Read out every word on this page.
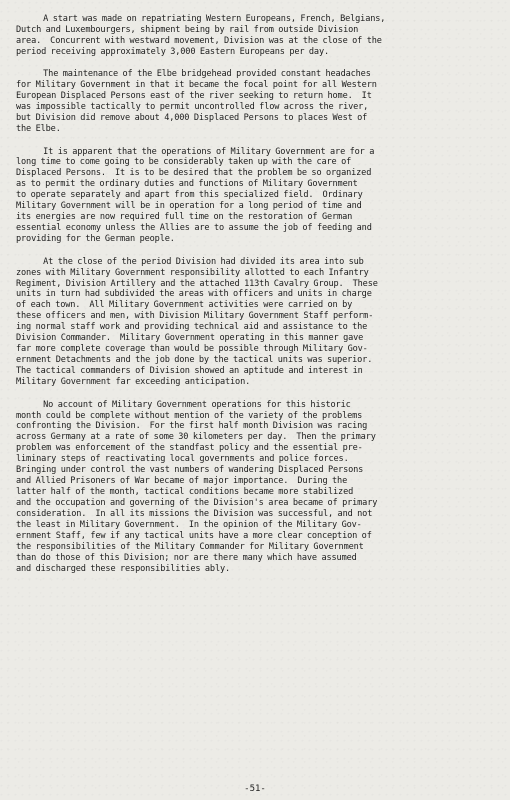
A start was made on repatriating Western Europeans, French, Belgians,
Dutch and Luxembourgers, shipment being by rail from outside Division
area.  Concurrent with westward movement, Division was at the close of the
period receiving approximately 3,000 Eastern Europeans per day.

The maintenance of the Elbe bridgehead provided constant headaches
for Military Government in that it became the focal point for all Western
European Displaced Persons east of the river seeking to return home.  It
was impossible tactically to permit uncontrolled flow across the river,
but Division did remove about 4,000 Displaced Persons to places West of
the Elbe.

It is apparent that the operations of Military Government are for a
long time to come going to be considerably taken up with the care of
Displaced Persons.  It is to be desired that the problem be so organized
as to permit the ordinary duties and functions of Military Government
to operate separately and apart from this specialized field.  Ordinary
Military Government will be in operation for a long period of time and
its energies are now required full time on the restoration of German
essential economy unless the Allies are to assume the job of feeding and
providing for the German people.

At the close of the period Division had divided its area into sub
zones with Military Government responsibility allotted to each Infantry
Regiment, Division Artillery and the attached 113th Cavalry Group.  These
units in turn had subdivided the areas with officers and units in charge
of each town.  All Military Government activities were carried on by
these officers and men, with Division Military Government Staff perform-
ing normal staff work and providing technical aid and assistance to the
Division Commander.  Military Government operating in this manner gave
far more complete coverage than would be possible through Military Gov-
ernment Detachments and the job done by the tactical units was superior.
The tactical commanders of Division showed an aptitude and interest in
Military Government far exceeding anticipation.

No account of Military Government operations for this historic
month could be complete without mention of the variety of the problems
confronting the Division.  For the first half month Division was racing
across Germany at a rate of some 30 kilometers per day.  Then the primary
problem was enforcement of the standfast policy and the essential pre-
liminary steps of reactivating local governments and police forces.
Bringing under control the vast numbers of wandering Displaced Persons
and Allied Prisoners of War became of major importance.  During the
latter half of the month, tactical conditions became more stabilized
and the occupation and governing of the Division's area became of primary
consideration.  In all its missions the Division was successful, and not
the least in Military Government.  In the opinion of the Military Gov-
ernment Staff, few if any tactical units have a more clear conception of
the responsibilities of the Military Commander for Military Government
than do those of this Division; nor are there many which have assumed
and discharged these responsibilities ably.

-51-
